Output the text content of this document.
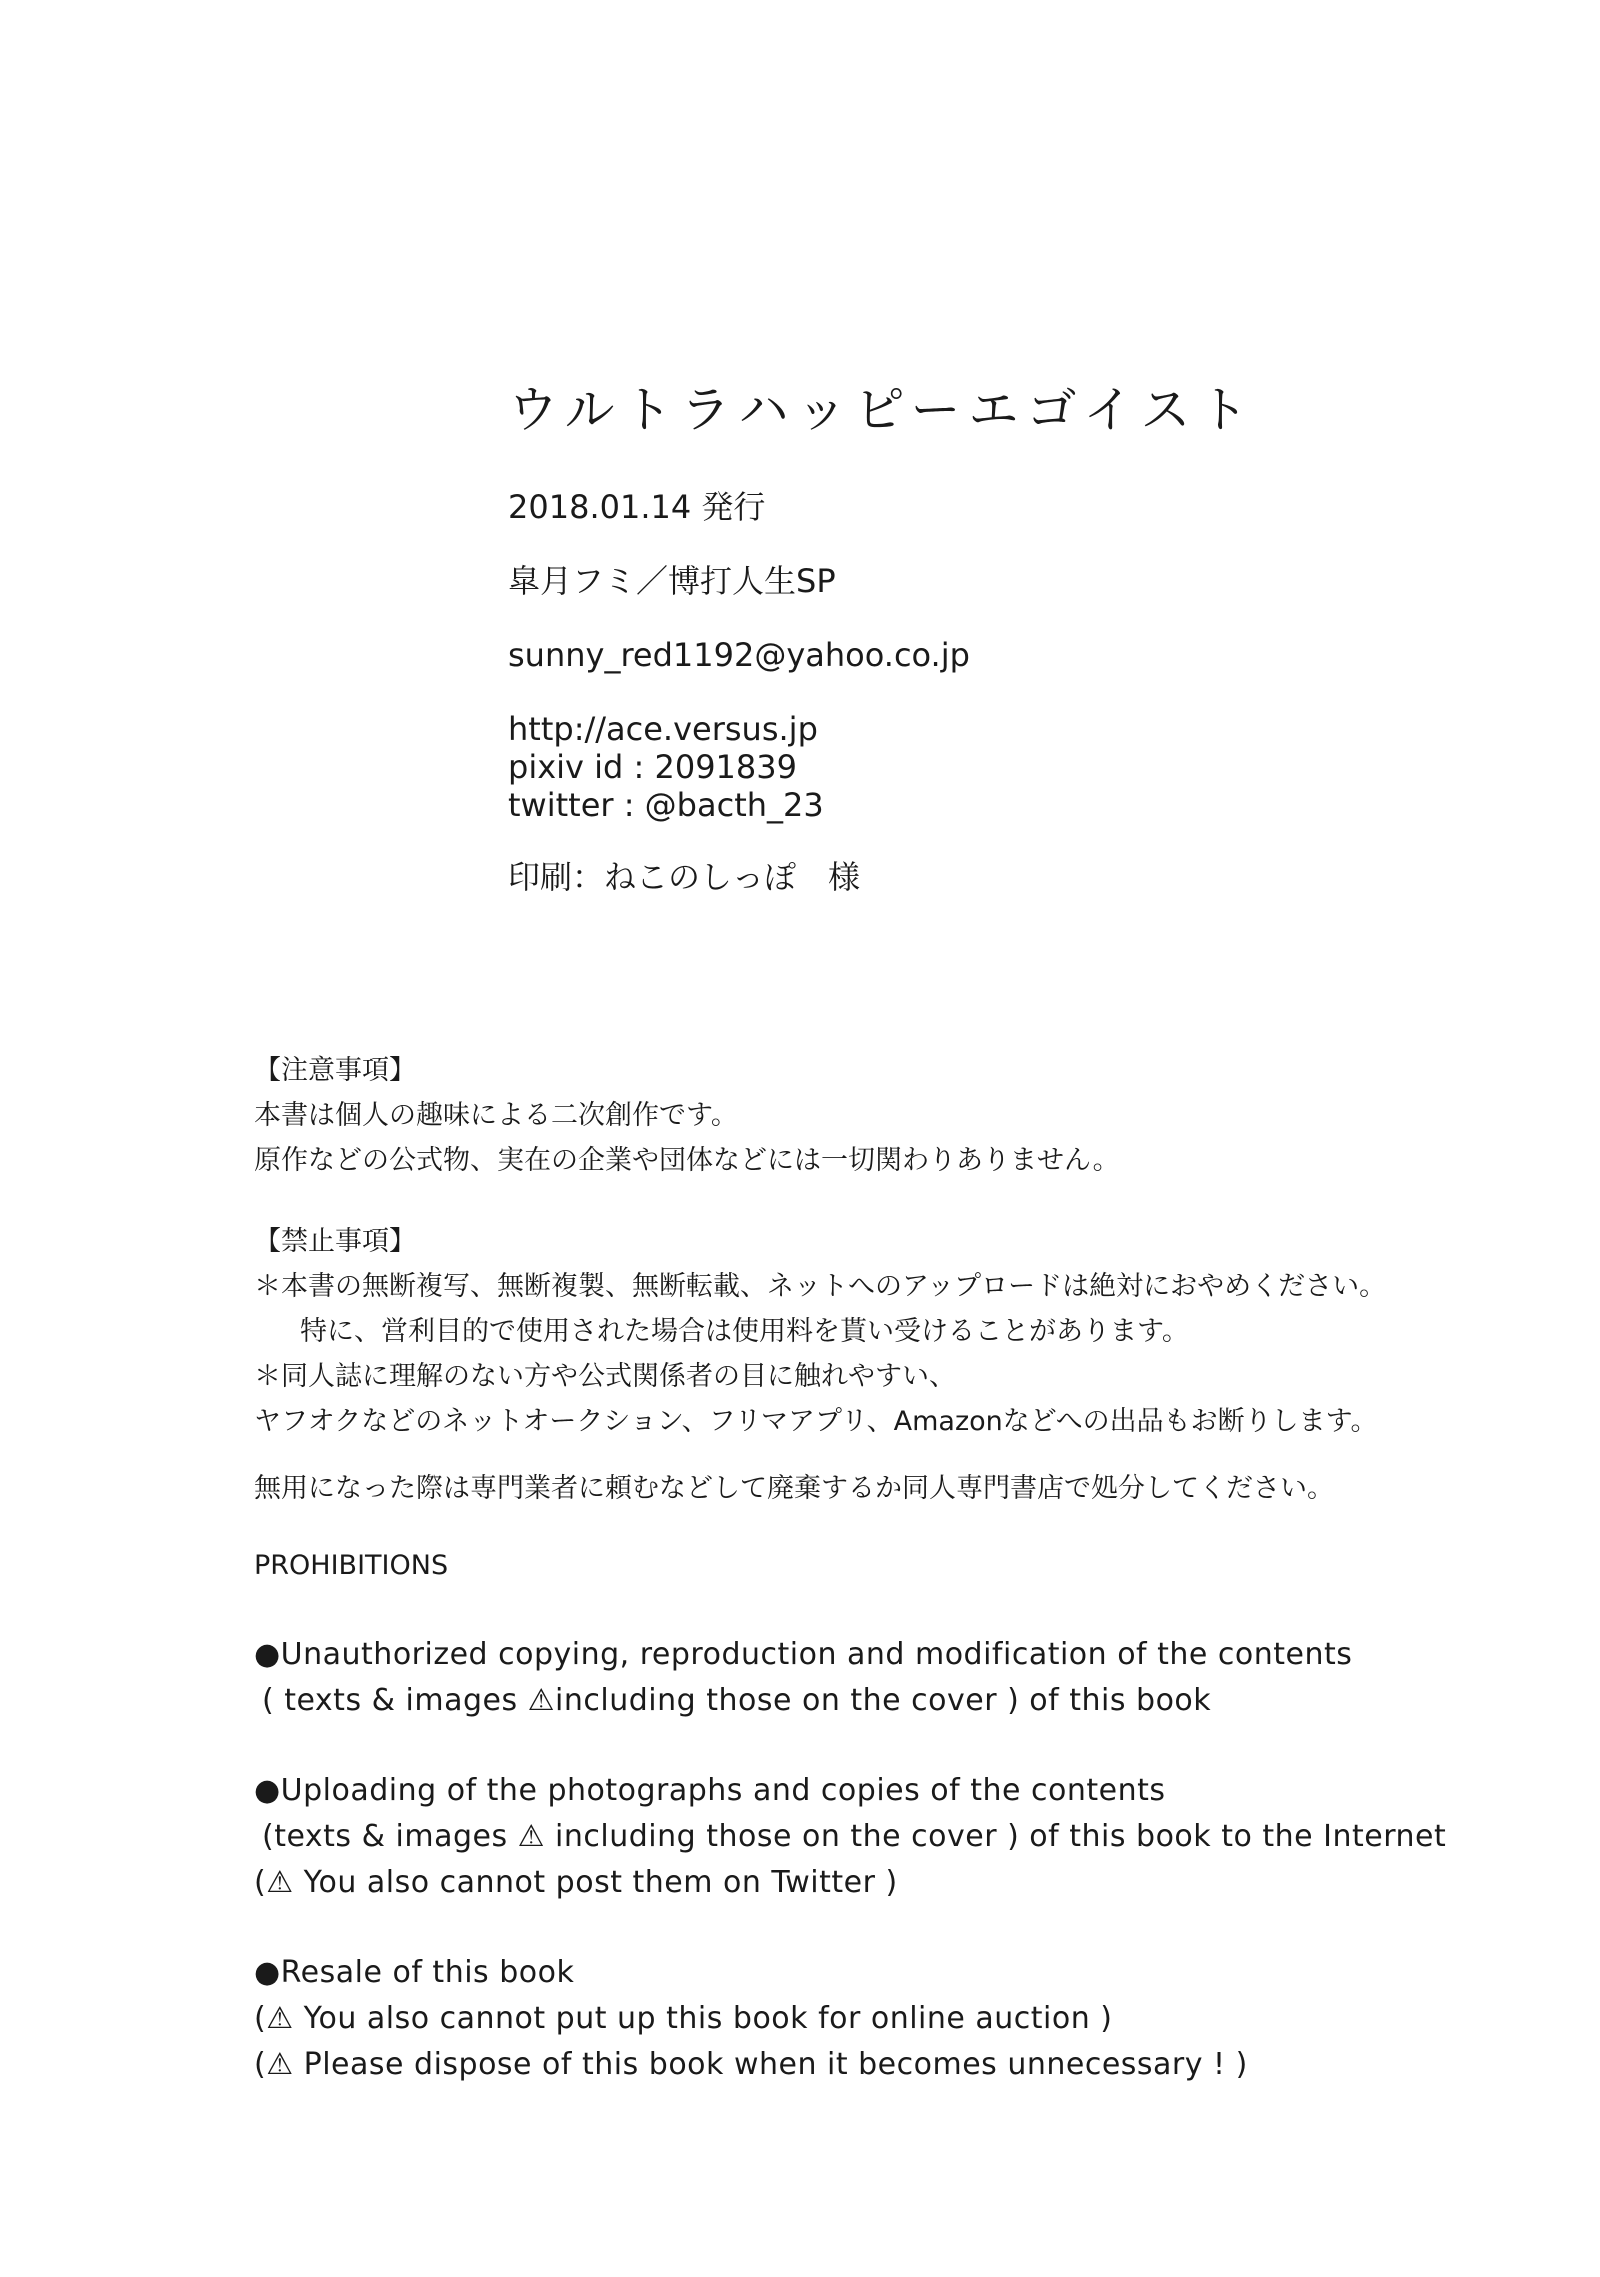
ウルトラハッピーエゴイスト

2018.01.14 発行

皐月フミ／博打人生SP

sunny_red1192@yahoo.co.jp

http://ace.versus.jp

pixiv id : 2091839

twitter : @bacth_23

印刷：ねこのしっぽ　様

【注意事項】

本書は個人の趣味による二次創作です。

原作などの公式物、実在の企業や団体などには一切関わりありません。

【禁止事項】

＊本書の無断複写、無断複製、無断転載、ネットへのアップロードは絶対におやめください。

特に、営利目的で使用された場合は使用料を貰い受けることがあります。

＊同人誌に理解のない方や公式関係者の目に触れやすい、

ヤフオクなどのネットオークション、フリマアプリ、Amazonなどへの出品もお断りします。

無用になった際は専門業者に頼むなどして廃棄するか同人専門書店で処分してください。

PROHIBITIONS

●Unauthorized copying, reproduction and modification of the contents

( texts & images ⚠including those on the cover ) of this book

●Uploading of the photographs and copies of the contents

(texts & images ⚠ including those on the cover ) of this book to the Internet

(⚠ You also cannot post them on Twitter )

●Resale of this book

(⚠ You also cannot put up this book for online auction )

(⚠ Please dispose of this book when it becomes unnecessary ! )
